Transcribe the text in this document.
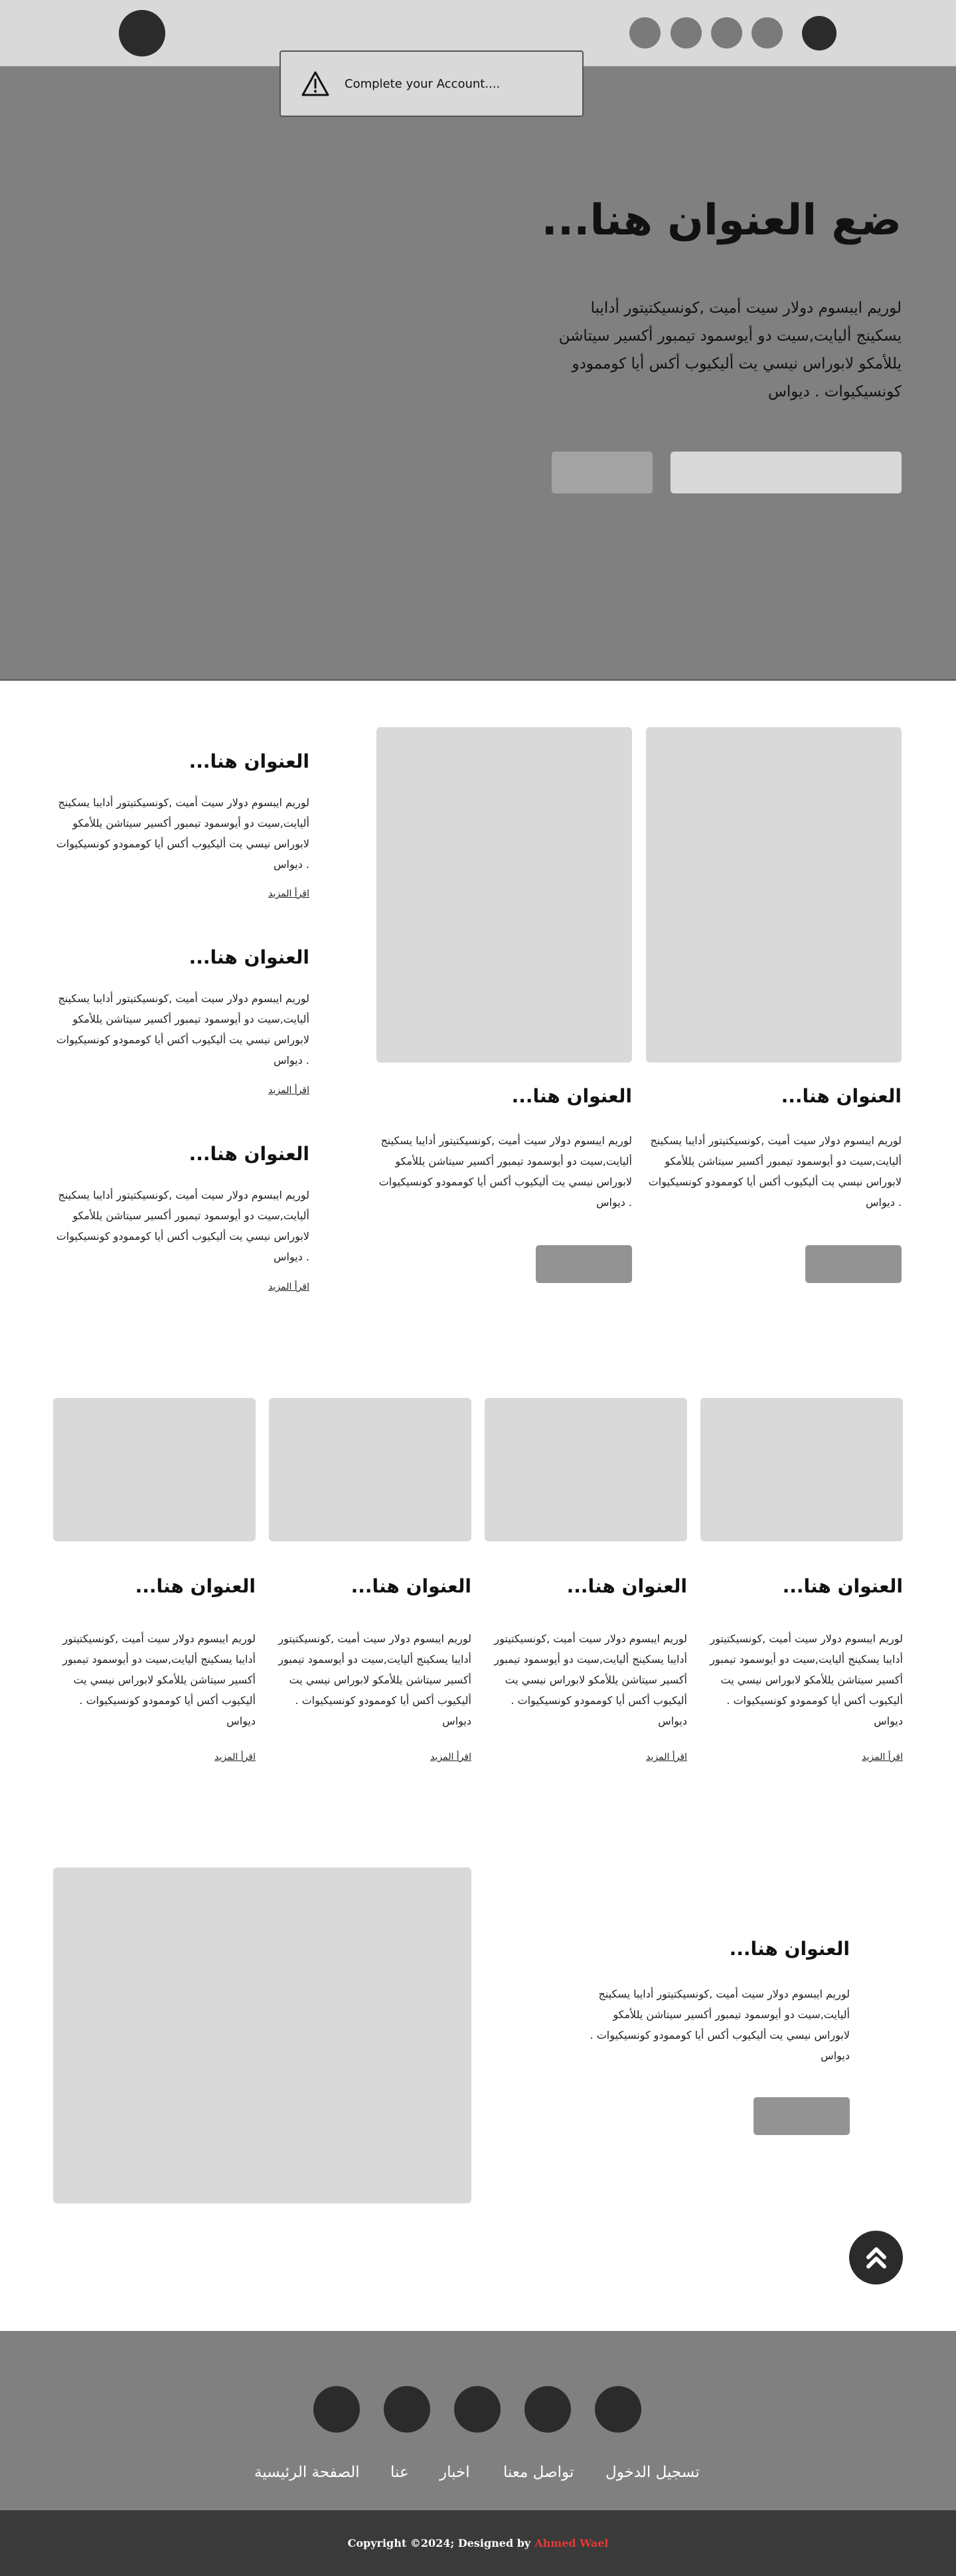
Complete your Account....
ضع العنوان هنا...

لوريم ايبسوم دولار سيت أميت ,كونسيكتيتور أدايبا يسكينج أليايت,سيت دو أيوسمود تيمبور أكسير سيتاشن يللأمكو لابوراس نيسي يت أليكيوب أكس أيا كوممودو كونسيكيوات . ديواس

العنوان هنا...

لوريم ايبسوم دولار سيت أميت ,كونسيكتيتور أدايبا يسكينج أليايت,سيت دو أيوسمود تيمبور أكسير سيتاشن يللأمكو لابوراس نيسي يت أليكيوب أكس أيا كوممودو كونسيكيوات . ديواس

العنوان هنا...

لوريم ايبسوم دولار سيت أميت ,كونسيكتيتور أدايبا يسكينج أليايت,سيت دو أيوسمود تيمبور أكسير سيتاشن يللأمكو لابوراس نيسي يت أليكيوب أكس أيا كوممودو كونسيكيوات . ديواس

العنوان هنا...

لوريم ايبسوم دولار سيت أميت ,كونسيكتيتور أدايبا يسكينج أليايت,سيت دو أيوسمود تيمبور أكسير سيتاشن يللأمكو لابوراس نيسي يت أليكيوب أكس أيا كوممودو كونسيكيوات . ديواس

اقرأ المزيد
العنوان هنا...

لوريم ايبسوم دولار سيت أميت ,كونسيكتيتور أدايبا يسكينج أليايت,سيت دو أيوسمود تيمبور أكسير سيتاشن يللأمكو لابوراس نيسي يت أليكيوب أكس أيا كوممودو كونسيكيوات . ديواس

اقرأ المزيد
العنوان هنا...

لوريم ايبسوم دولار سيت أميت ,كونسيكتيتور أدايبا يسكينج أليايت,سيت دو أيوسمود تيمبور أكسير سيتاشن يللأمكو لابوراس نيسي يت أليكيوب أكس أيا كوممودو كونسيكيوات . ديواس

اقرأ المزيد
العنوان هنا...

لوريم ايبسوم دولار سيت أميت ,كونسيكتيتور أدايبا يسكينج أليايت,سيت دو أيوسمود تيمبور أكسير سيتاشن يللأمكو لابوراس نيسي يت أليكيوب أكس أيا كوممودو كونسيكيوات . ديواس

اقرأ المزيد
العنوان هنا...

لوريم ايبسوم دولار سيت أميت ,كونسيكتيتور أدايبا يسكينج أليايت,سيت دو أيوسمود تيمبور أكسير سيتاشن يللأمكو لابوراس نيسي يت أليكيوب أكس أيا كوممودو كونسيكيوات . ديواس

اقرأ المزيد
العنوان هنا...

لوريم ايبسوم دولار سيت أميت ,كونسيكتيتور أدايبا يسكينج أليايت,سيت دو أيوسمود تيمبور أكسير سيتاشن يللأمكو لابوراس نيسي يت أليكيوب أكس أيا كوممودو كونسيكيوات . ديواس

اقرأ المزيد
العنوان هنا...

لوريم ايبسوم دولار سيت أميت ,كونسيكتيتور أدايبا يسكينج أليايت,سيت دو أيوسمود تيمبور أكسير سيتاشن يللأمكو لابوراس نيسي يت أليكيوب أكس أيا كوممودو كونسيكيوات . ديواس

اقرأ المزيد
العنوان هنا...

لوريم ايبسوم دولار سيت أميت ,كونسيكتيتور أدايبا يسكينج أليايت,سيت دو أيوسمود تيمبور أكسير سيتاشن يللأمكو لابوراس نيسي يت أليكيوب أكس أيا كوممودو كونسيكيوات . ديواس

تسجيل الدخول
تواصل معنا
اخبار
عنا
الصفحة الرئيسية
Copyright ©2024; Designed by Ahmed Wael
